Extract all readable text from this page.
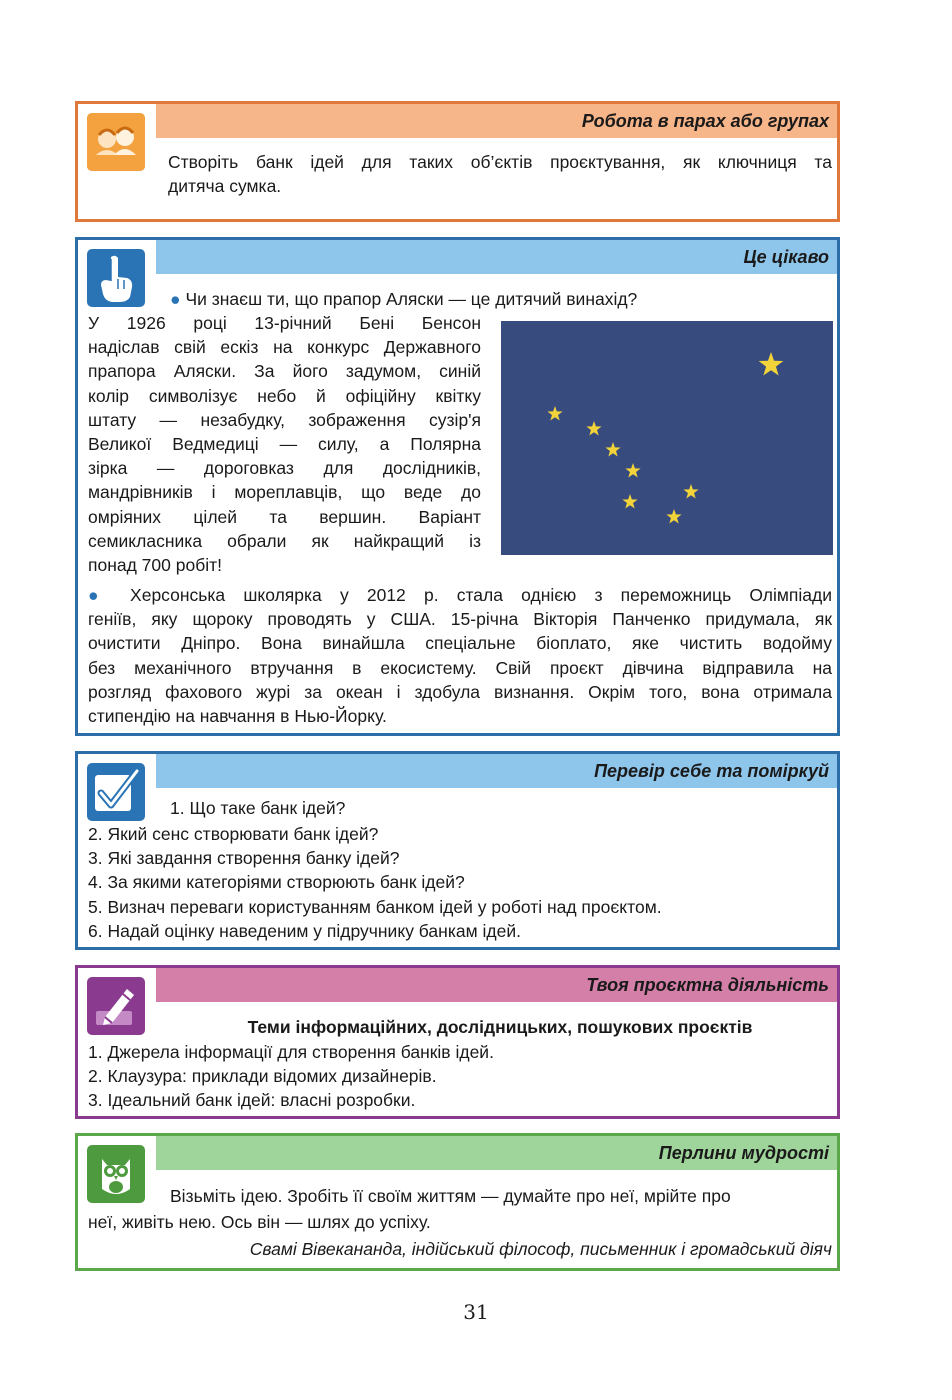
Робота в парах або групах
Створіть банк ідей для таких об’єктів проєктування, як ключниця та
дитяча сумка.
Це цікаво
● Чи знаєш ти, що прапор Аляски — це дитячий винахід?
У 1926 році 13-річний Бені Бенсон
надіслав свій ескіз на конкурс Державного
прапора Аляски. За його задумом, синій
колір символізує небо й офіційну квітку
штату — незабудку, зображення сузір'я
Великої Ведмедиці — силу, а Полярна
зірка — дороговказ для дослідників,
мандрівників і мореплавців, що веде до
омріяних цілей та вершин. Варіант
семикласника обрали як найкращий із
понад 700 робіт!
● Херсонська школярка у 2012 р. стала однією з переможниць Олімпіади
геніїв, яку щороку проводять у США. 15-річна Вікторія Панченко придумала, як
очистити Дніпро. Вона винайшла спеціальне біоплато, яке чистить водойму
без механічного втручання в екосистему. Свій проєкт дівчина відправила на
розгляд фахового журі за океан і здобула визнання. Окрім того, вона отримала
стипендію на навчання в Нью-Йорку.
Перевір себе та поміркуй
1. Що таке банк ідей?
2. Який сенс створювати банк ідей?
3. Які завдання створення банку ідей?
4. За якими категоріями створюють банк ідей?
5. Визнач переваги користуванням банком ідей у роботі над проєктом.
6. Надай оцінку наведеним у підручнику банкам ідей.
Твоя проєктна діяльність
Теми інформаційних, дослідницьких, пошукових проєктів
1. Джерела інформації для створення банків ідей.
2. Клаузура: приклади відомих дизайнерів.
3. Ідеальний банк ідей: власні розробки.
Перлини мудрості
Візьміть ідею. Зробіть її своїм життям — думайте про неї, мрійте про
неї, живіть нею. Ось він — шлях до успіху.
Свамі Вівекананда, індійський філософ, письменник і громадський діяч
31
